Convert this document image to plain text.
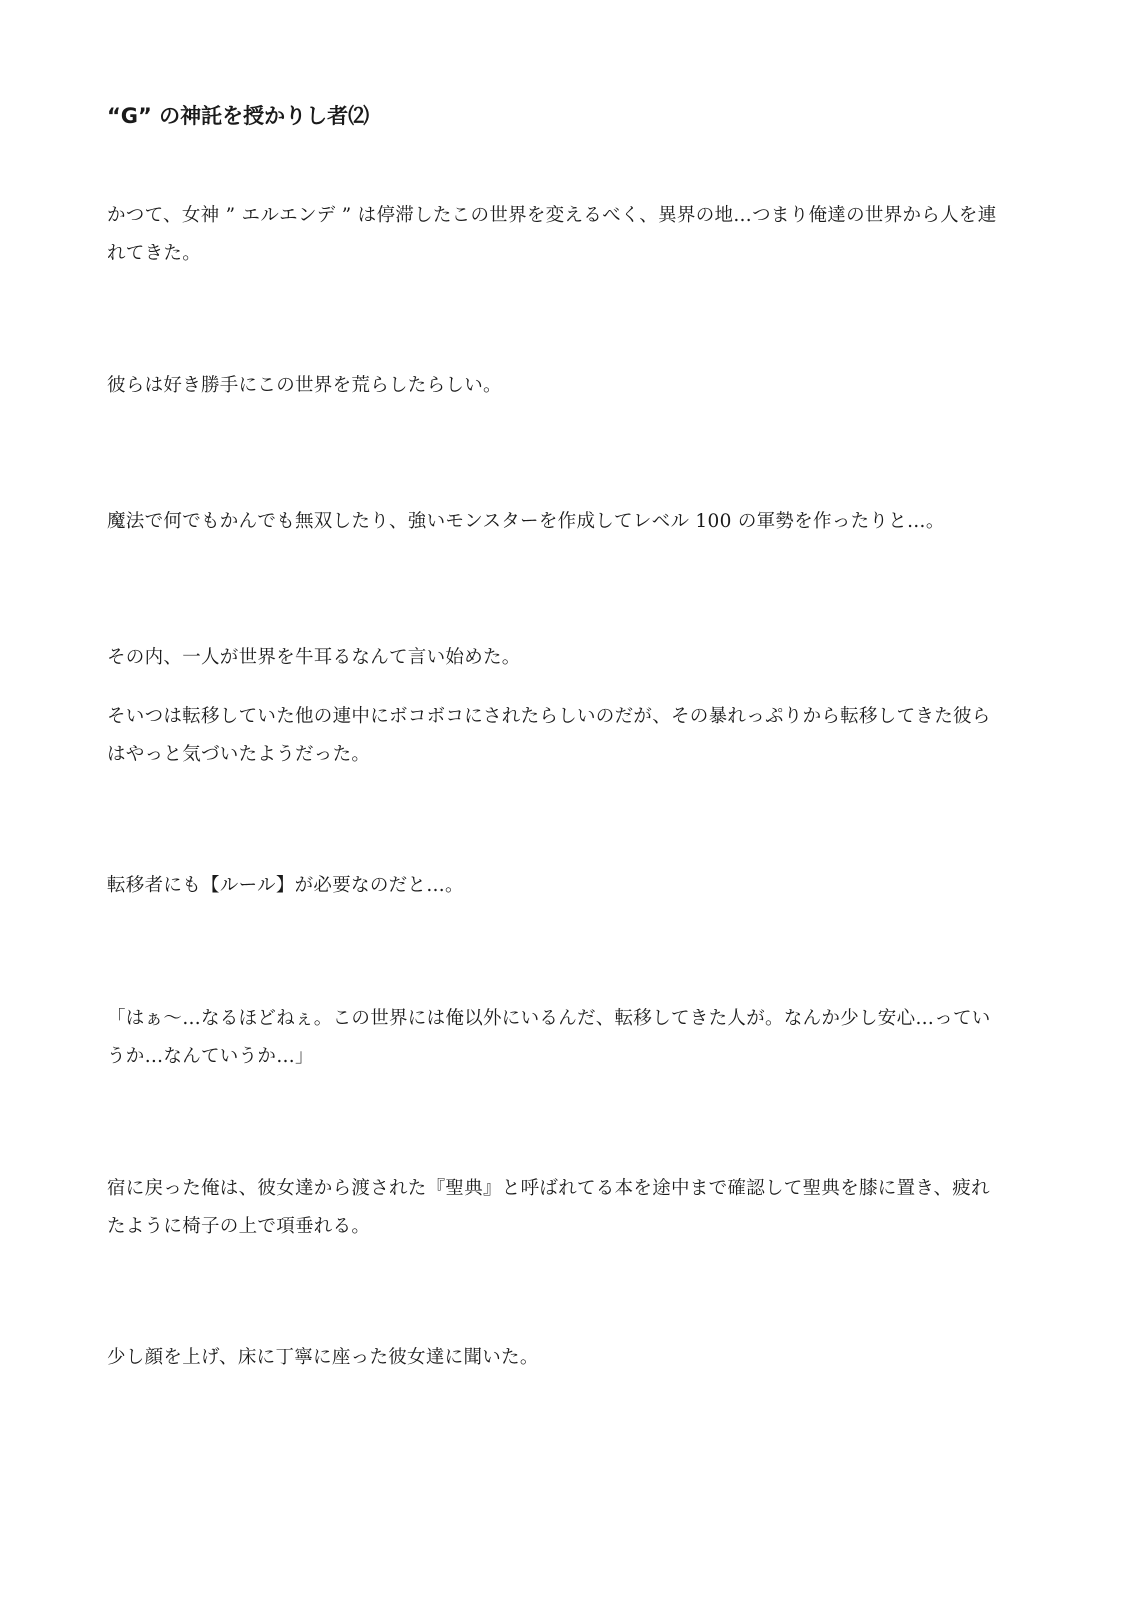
“G” の神託を授かりし者⑵

かつて、女神 ” エルエンデ ” は停滞したこの世界を変えるべく、異界の地…つまり俺達の世界から人を連
れてきた。

彼らは好き勝手にこの世界を荒らしたらしい。

魔法で何でもかんでも無双したり、強いモンスターを作成してレベル 100 の軍勢を作ったりと…。

その内、一人が世界を牛耳るなんて言い始めた。

そいつは転移していた他の連中にボコボコにされたらしいのだが、その暴れっぷりから転移してきた彼ら
はやっと気づいたようだった。

転移者にも【ルール】が必要なのだと…。

「はぁ～…なるほどねぇ。この世界には俺以外にいるんだ、転移してきた人が。なんか少し安心…ってい
うか…なんていうか…」

宿に戻った俺は、彼女達から渡された『聖典』と呼ばれてる本を途中まで確認して聖典を膝に置き、疲れ
たように椅子の上で項垂れる。

少し顔を上げ、床に丁寧に座った彼女達に聞いた。
